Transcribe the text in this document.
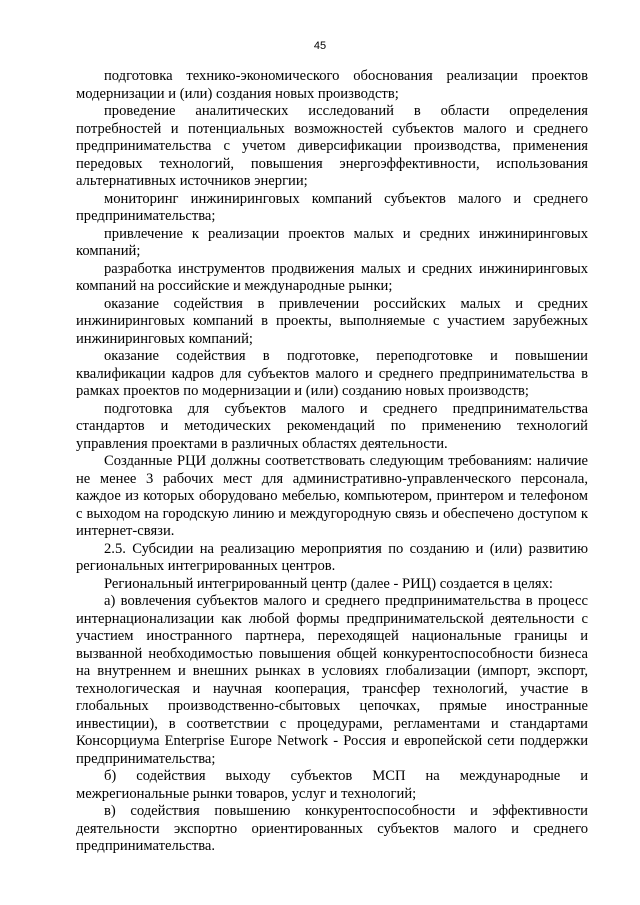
45

подготовка технико-экономического обоснования реализации проектов модернизации и (или) создания новых производств;

проведение аналитических исследований в области определения потребностей и потенциальных возможностей субъектов малого и среднего предпринимательства с учетом диверсификации производства, применения передовых технологий, повышения энергоэффективности, использования альтернативных источников энергии;

мониторинг инжиниринговых компаний субъектов малого и среднего предпринимательства;

привлечение к реализации проектов малых и средних инжиниринговых компаний;

разработка инструментов продвижения малых и средних инжиниринговых компаний на российские и международные рынки;

оказание содействия в привлечении российских малых и средних инжиниринговых компаний в проекты, выполняемые с участием зарубежных инжиниринговых компаний;

оказание содействия в подготовке, переподготовке и повышении квалификации кадров для субъектов малого и среднего предпринимательства в рамках проектов по модернизации и (или) созданию новых производств;

подготовка для субъектов малого и среднего предпринимательства стандартов и методических рекомендаций по применению технологий управления проектами в различных областях деятельности.

Созданные РЦИ должны соответствовать следующим требованиям: наличие не менее 3 рабочих мест для административно-управленческого персонала, каждое из которых оборудовано мебелью, компьютером, принтером и телефоном с выходом на городскую линию и междугородную связь и обеспечено доступом к интернет-связи.

2.5. Субсидии на реализацию мероприятия по созданию и (или) развитию региональных интегрированных центров.

Региональный интегрированный центр (далее - РИЦ) создается в целях:

а) вовлечения субъектов малого и среднего предпринимательства в процесс интернационализации как любой формы предпринимательской деятельности с участием иностранного партнера, переходящей национальные границы и вызванной необходимостью повышения общей конкурентоспособности бизнеса на внутреннем и внешних рынках в условиях глобализации (импорт, экспорт, технологическая и научная кооперация, трансфер технологий, участие в глобальных производственно-сбытовых цепочках, прямые иностранные инвестиции), в соответствии с процедурами, регламентами и стандартами Консорциума Enterprise Europe Network - Россия и европейской сети поддержки предпринимательства;

б) содействия выходу субъектов МСП на международные и межрегиональные рынки товаров, услуг и технологий;

в) содействия повышению конкурентоспособности и эффективности деятельности экспортно ориентированных субъектов малого и среднего предпринимательства.
